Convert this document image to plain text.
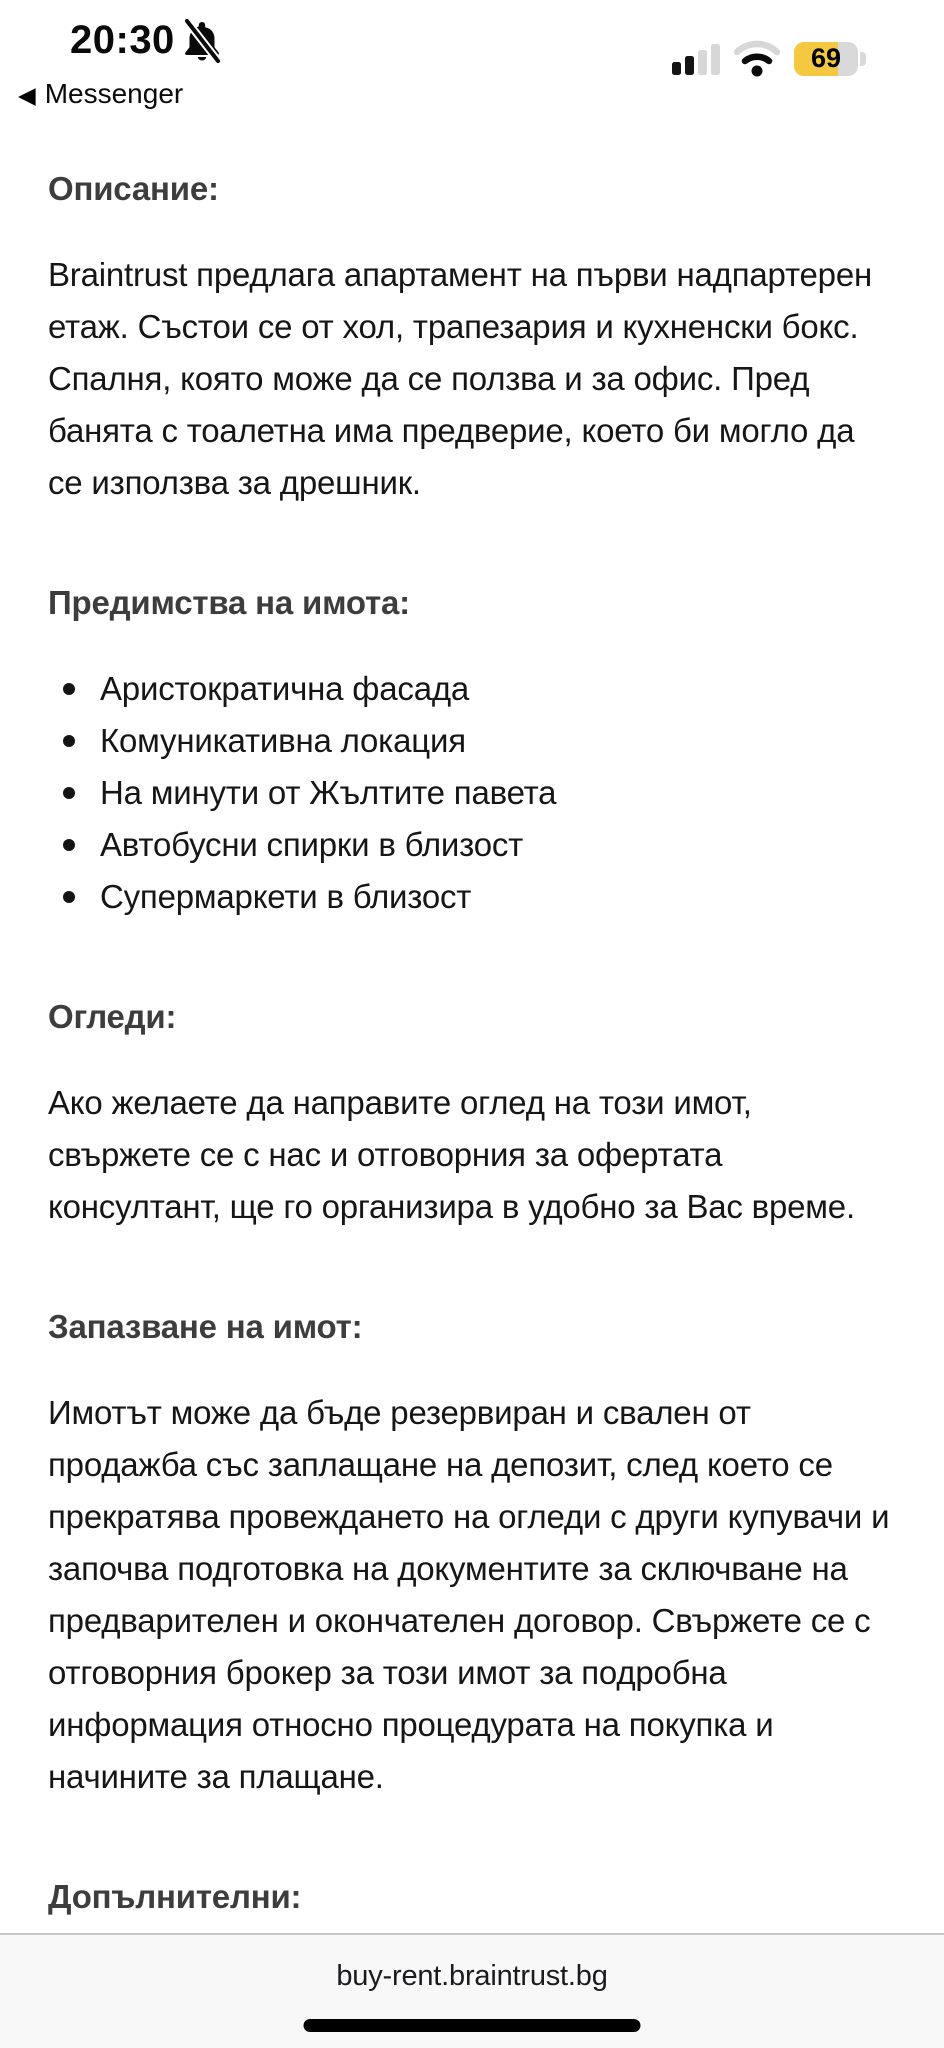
20:30
◀ Messenger
69

Описание:

Braintrust предлага апартамент на първи надпартерен етаж. Състои се от хол, трапезария и кухненски бокс. Спалня, която може да се ползва и за офис. Пред банята с тоалетна има предверие, което би могло да се използва за дрешник.

Предимства на имота:

Аристократична фасада
Комуникативна локация
На минути от Жълтите павета
Автобусни спирки в близост
Супермаркети в близост

Огледи:

Ако желаете да направите оглед на този имот, свържете се с нас и отговорния за офертата консултант, ще го организира в удобно за Вас време.

Запазване на имот:

Имотът може да бъде резервиран и свален от продажба със заплащане на депозит, след което се прекратява провеждането на огледи с други купувачи и започва подготовка на документите за сключване на предварителен и окончателен договор. Свържете се с отговорния брокер за този имот за подробна информация относно процедурата на покупка и начините за плащане.

Допълнителни:

buy-rent.braintrust.bg
